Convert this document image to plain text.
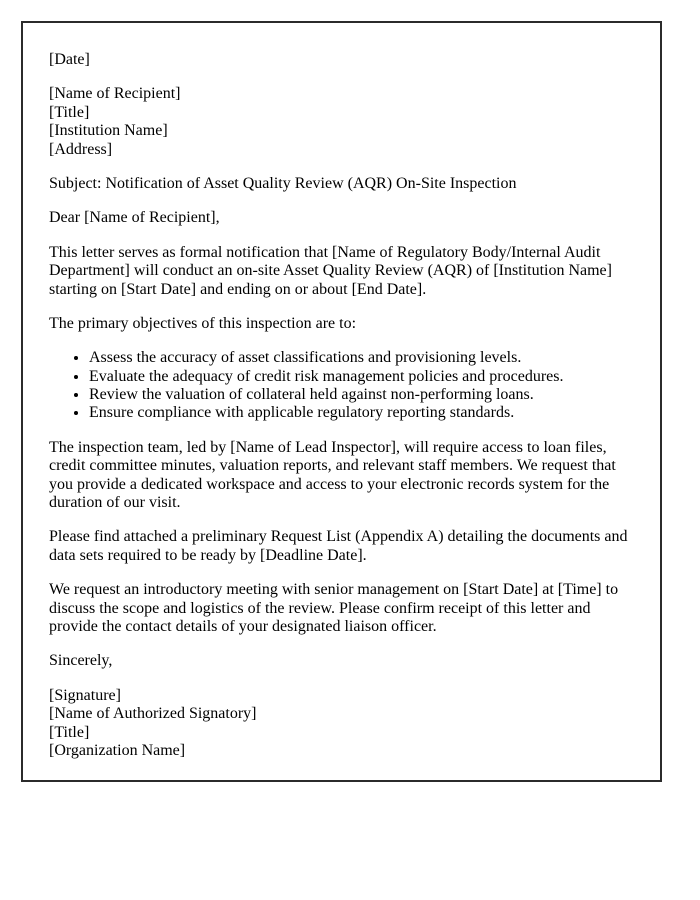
[Date]

[Name of Recipient]
[Title]
[Institution Name]
[Address]

Subject: Notification of Asset Quality Review (AQR) On-Site Inspection

Dear [Name of Recipient],

This letter serves as formal notification that [Name of Regulatory Body/Internal Audit Department] will conduct an on-site Asset Quality Review (AQR) of [Institution Name] starting on [Start Date] and ending on or about [End Date].

The primary objectives of this inspection are to:

• Assess the accuracy of asset classifications and provisioning levels.
• Evaluate the adequacy of credit risk management policies and procedures.
• Review the valuation of collateral held against non-performing loans.
• Ensure compliance with applicable regulatory reporting standards.

The inspection team, led by [Name of Lead Inspector], will require access to loan files, credit committee minutes, valuation reports, and relevant staff members. We request that you provide a dedicated workspace and access to your electronic records system for the duration of our visit.

Please find attached a preliminary Request List (Appendix A) detailing the documents and data sets required to be ready by [Deadline Date].

We request an introductory meeting with senior management on [Start Date] at [Time] to discuss the scope and logistics of the review. Please confirm receipt of this letter and provide the contact details of your designated liaison officer.

Sincerely,

[Signature]
[Name of Authorized Signatory]
[Title]
[Organization Name]
